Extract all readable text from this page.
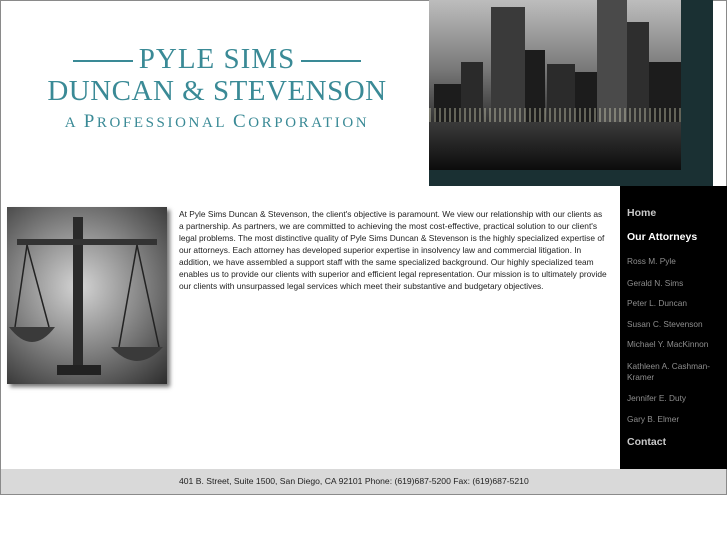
PYLE SIMS
DUNCAN & STEVENSON
A PROFESSIONAL CORPORATION
At Pyle Sims Duncan & Stevenson, the client's objective is paramount. We view our relationship with our clients as a partnership. As partners, we are committed to achieving the most cost-effective, practical solution to our client's legal problems. The most distinctive quality of Pyle Sims Duncan & Stevenson is the highly specialized expertise of our attorneys. Each attorney has developed superior expertise in insolvency law and commercial litigation. In addition, we have assembled a support staff with the same specialized background. Our highly specialized team enables us to provide our clients with superior and efficient legal representation. Our mission is to ultimately provide our clients with unsurpassed legal services which meet their substantive and budgetary objectives.
Home
Our Attorneys
Ross M. Pyle
Gerald N. Sims
Peter L. Duncan
Susan C. Stevenson
Michael Y. MacKinnon
Kathleen A. Cashman-Kramer
Jennifer E. Duty
Gary B. Elmer
Contact
401 B. Street, Suite 1500, San Diego, CA 92101 Phone: (619)687-5200 Fax: (619)687-5210
